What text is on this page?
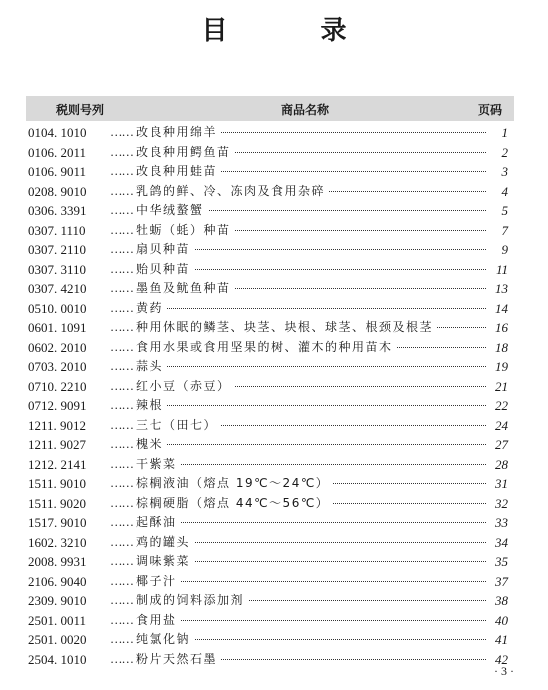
目 录
税则号列	商品名称	页码
0104. 1010 …… 改良种用绵羊	1
0106. 2011 …… 改良种用鳄鱼苗	2
0106. 9011 …… 改良种用蛙苗	3
0208. 9010 …… 乳鸽的鲜、冷、冻肉及食用杂碎	4
0306. 3391 …… 中华绒螯蟹	5
0307. 1110 …… 牡蛎（蚝）种苗	7
0307. 2110 …… 扇贝种苗	9
0307. 3110 …… 贻贝种苗	11
0307. 4210 …… 墨鱼及鱿鱼种苗	13
0510. 0010 …… 黄药	14
0601. 1091 …… 种用休眠的鳞茎、块茎、块根、球茎、根颈及根茎	16
0602. 2010 …… 食用水果或食用坚果的树、灌木的种用苗木	18
0703. 2010 …… 蒜头	19
0710. 2210 …… 红小豆（赤豆）	21
0712. 9091 …… 辣根	22
1211. 9012 …… 三七（田七）	24
1211. 9027 …… 槐米	27
1212. 2141 …… 干紫菜	28
1511. 9010 …… 棕榈液油（熔点 19℃～24℃）	31
1511. 9020 …… 棕榈硬脂（熔点 44℃～56℃）	32
1517. 9010 …… 起酥油	33
1602. 3210 …… 鸡的罐头	34
2008. 9931 …… 调味紫菜	35
2106. 9040 …… 椰子汁	37
2309. 9010 …… 制成的饲料添加剂	38
2501. 0011 …… 食用盐	40
2501. 0020 …… 纯氯化钠	41
2504. 1010 …… 粉片天然石墨	42
· 3 ·
